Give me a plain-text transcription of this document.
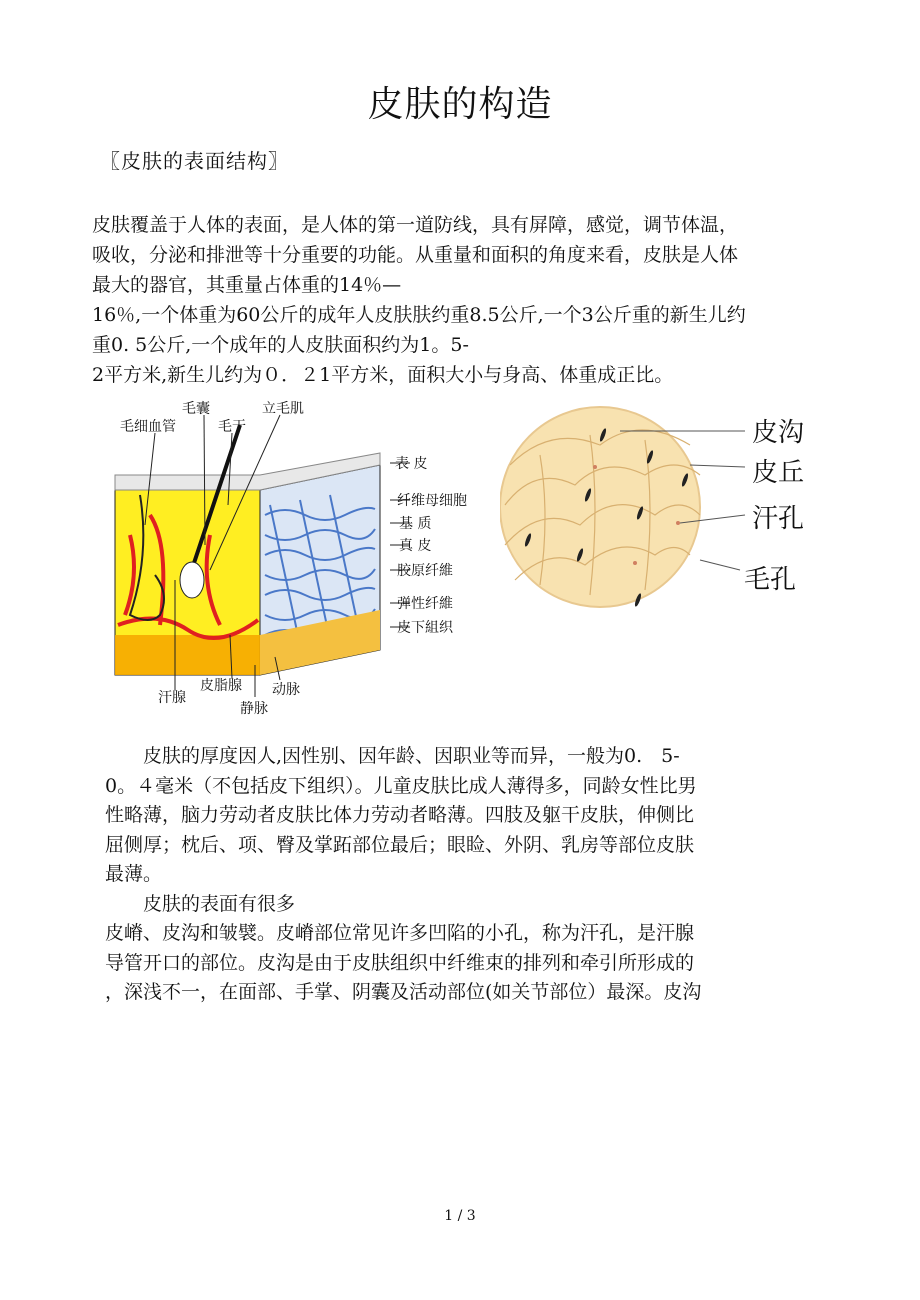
皮肤的构造
〖皮肤的表面结构〗
皮肤覆盖于人体的表面，是人体的第一道防线，具有屏障，感觉，调节体温，
吸收，分泌和排泄等十分重要的功能。从重量和面积的角度来看，皮肤是人体
最大的器官，其重量占体重的14％—
16％,一个体重为60公斤的成年人皮肤肤约重8.5公斤,一个3公斤重的新生儿约
重0. 5公斤,一个成年的人皮肤面积约为1。5-
2平方米,新生儿约为０．２1平方米，面积大小与身高、体重成正比。
毛囊	立毛肌
毛细血管	毛干
表 皮
纤维母细胞
基 质
真 皮
胶原纤維
弹性纤維
皮下組织
汗腺
皮脂腺 动脉
静脉
皮沟
皮丘
汗孔
毛孔
　　皮肤的厚度因人,因性别、因年龄、因职业等而异，一般为0.　5-
0。４毫米（不包括皮下组织）。儿童皮肤比成人薄得多，同龄女性比男
性略薄，脑力劳动者皮肤比体力劳动者略薄。四肢及躯干皮肤，伸侧比
屈侧厚；枕后、项、臀及掌跖部位最后；眼睑、外阴、乳房等部位皮肤
最薄。
　　皮肤的表面有很多
皮嵴、皮沟和皱襞。皮嵴部位常见许多凹陷的小孔，称为汗孔，是汗腺
导管开口的部位。皮沟是由于皮肤组织中纤维束的排列和牵引所形成的
，深浅不一，在面部、手掌、阴囊及活动部位(如关节部位）最深。皮沟
1 / 3
